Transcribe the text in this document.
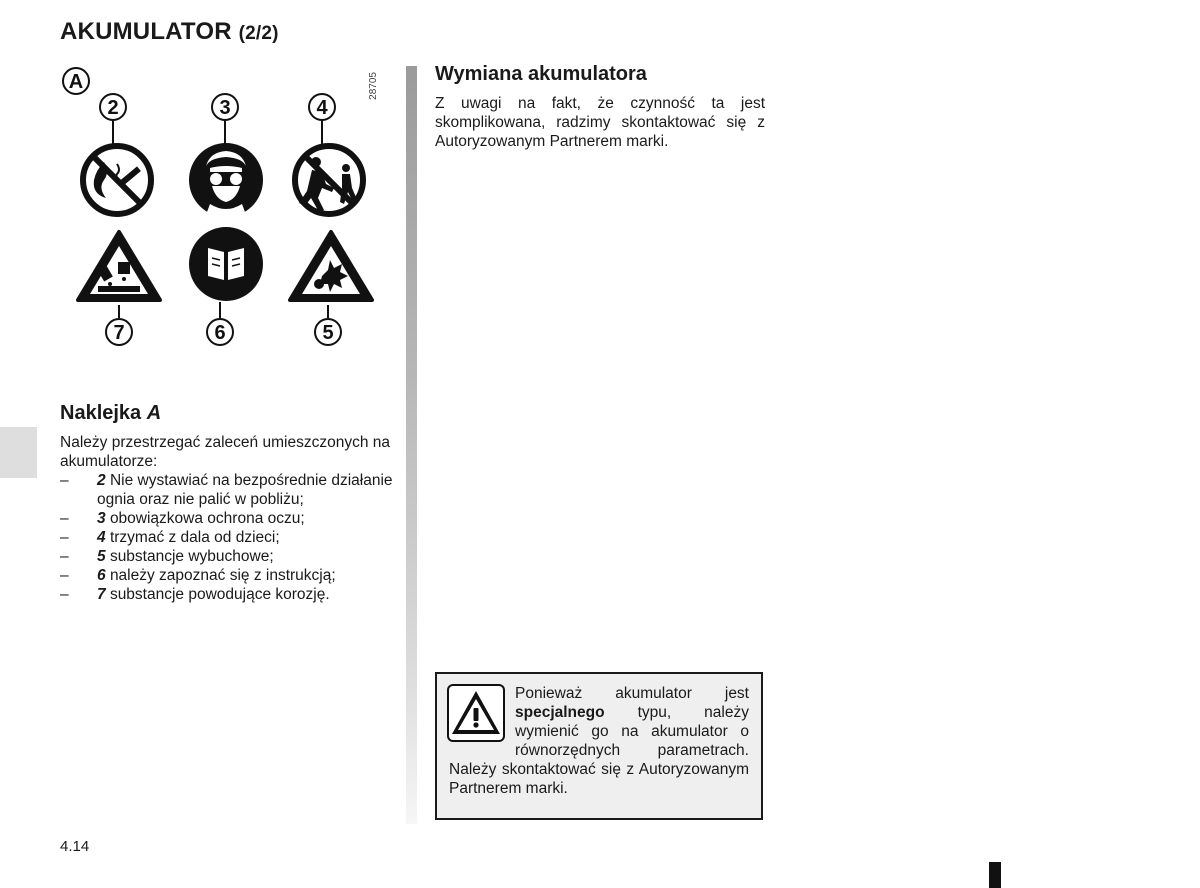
AKUMULATOR (2/2)
A
2	3	4
7	6	5
28705
Naklejka A
Należy przestrzegać zaleceń umieszczonych na akumulatorze:
– 2 Nie wystawiać na bezpośrednie działanie ognia oraz nie palić w pobliżu;
– 3 obowiązkowa ochrona oczu;
– 4 trzymać z dala od dzieci;
– 5 substancje wybuchowe;
– 6 należy zapoznać się z instrukcją;
– 7 substancje powodujące korozję.
Wymiana akumulatora
Z uwagi na fakt, że czynność ta jest skomplikowana, radzimy skontaktować się z Autoryzowanym Partnerem marki.
Ponieważ akumulator jest specjalnego typu, należy wymienić go na akumulator o równorzędnych parametrach. Należy skontaktować się z Autoryzowanym Partnerem marki.
4.14
